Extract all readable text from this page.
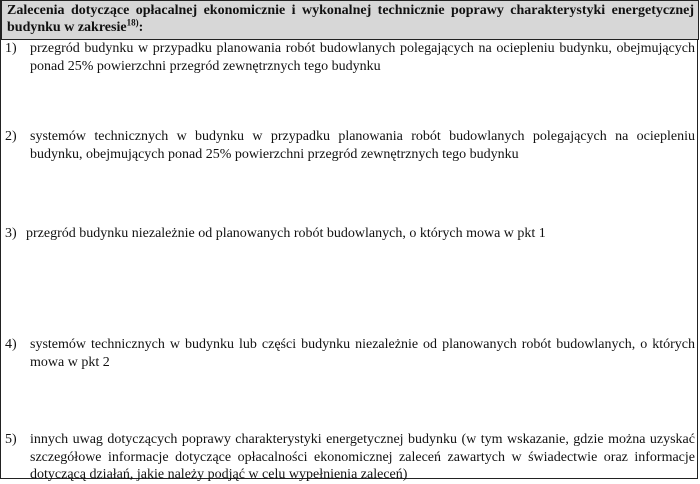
Zalecenia dotyczące opłacalnej ekonomicznie i wykonalnej technicznie poprawy charakterystyki energetycznej budynku w zakresie$^{18)}$:

1) przegród budynku w przypadku planowania robót budowlanych polegających na ociepleniu budynku, obejmujących ponad 25% powierzchni przegród zewnętrznych tego budynku
2) systemów technicznych w budynku w przypadku planowania robót budowlanych polegających na ociepleniu budynku, obejmujących ponad 25% powierzchni przegród zewnętrznych tego budynku
3) przegród budynku niezależnie od planowanych robót budowlanych, o których mowa w pkt 1
4) systemów technicznych w budynku lub części budynku niezależnie od planowanych robót budowlanych, o których mowa w pkt 2
5) innych uwag dotyczących poprawy charakterystyki energetycznej budynku (w tym wskazanie, gdzie można uzyskać szczegółowe informacje dotyczące opłacalności ekonomicznej zaleceń zawartych w świadectwie oraz informacje dotyczącą działań, jakie należy podjąć w celu wypełnienia zaleceń)
